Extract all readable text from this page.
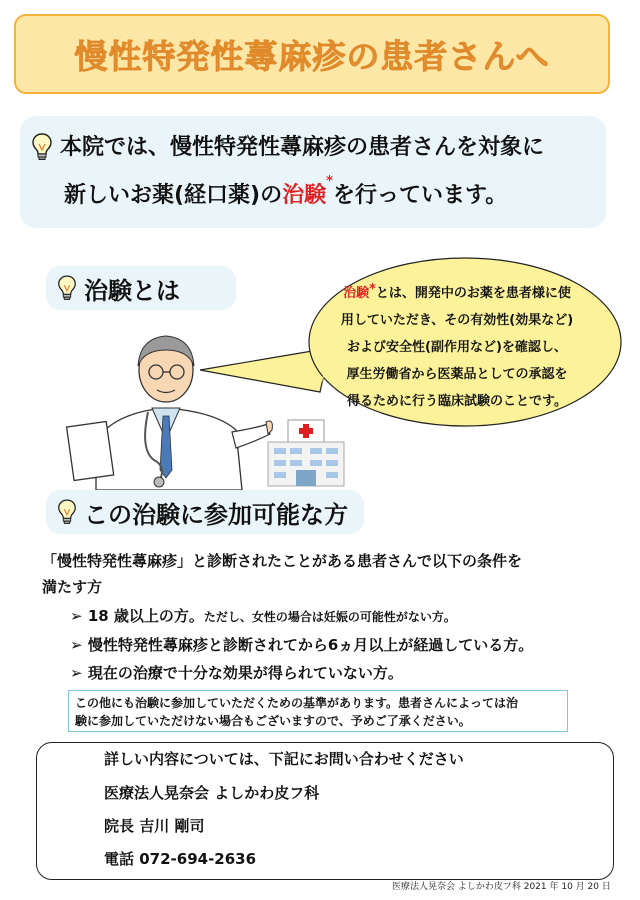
慢性特発性蕁麻疹の患者さんへ
本院では、慢性特発性蕁麻疹の患者さんを対象に
新しいお薬(経口薬)の治験*を行っています。
治験とは	治験*とは、開発中のお薬を患者様に使
用していただき、その有効性(効果など)
および安全性(副作用など)を確認し、
厚生労働省から医薬品としての承認を
得るために行う臨床試験のことです。
この治験に参加可能な方
「慢性特発性蕁麻疹」と診断されたことがある患者さんで以下の条件を
満たす方
➢ 18 歳以上の方。ただし、女性の場合は妊娠の可能性がない方。
➢ 慢性特発性蕁麻疹と診断されてから6ヵ月以上が経過している方。
➢ 現在の治療で十分な効果が得られていない方。
この他にも治験に参加していただくための基準があります。患者さんによっては治
験に参加していただけない場合もございますので、予めご了承ください。
詳しい内容については、下記にお問い合わせください
医療法人晃奈会 よしかわ皮フ科
院長 吉川 剛司
電話 072-694-2636
医療法人晃奈会 よしかわ皮フ科 2021 年 10 月 20 日
